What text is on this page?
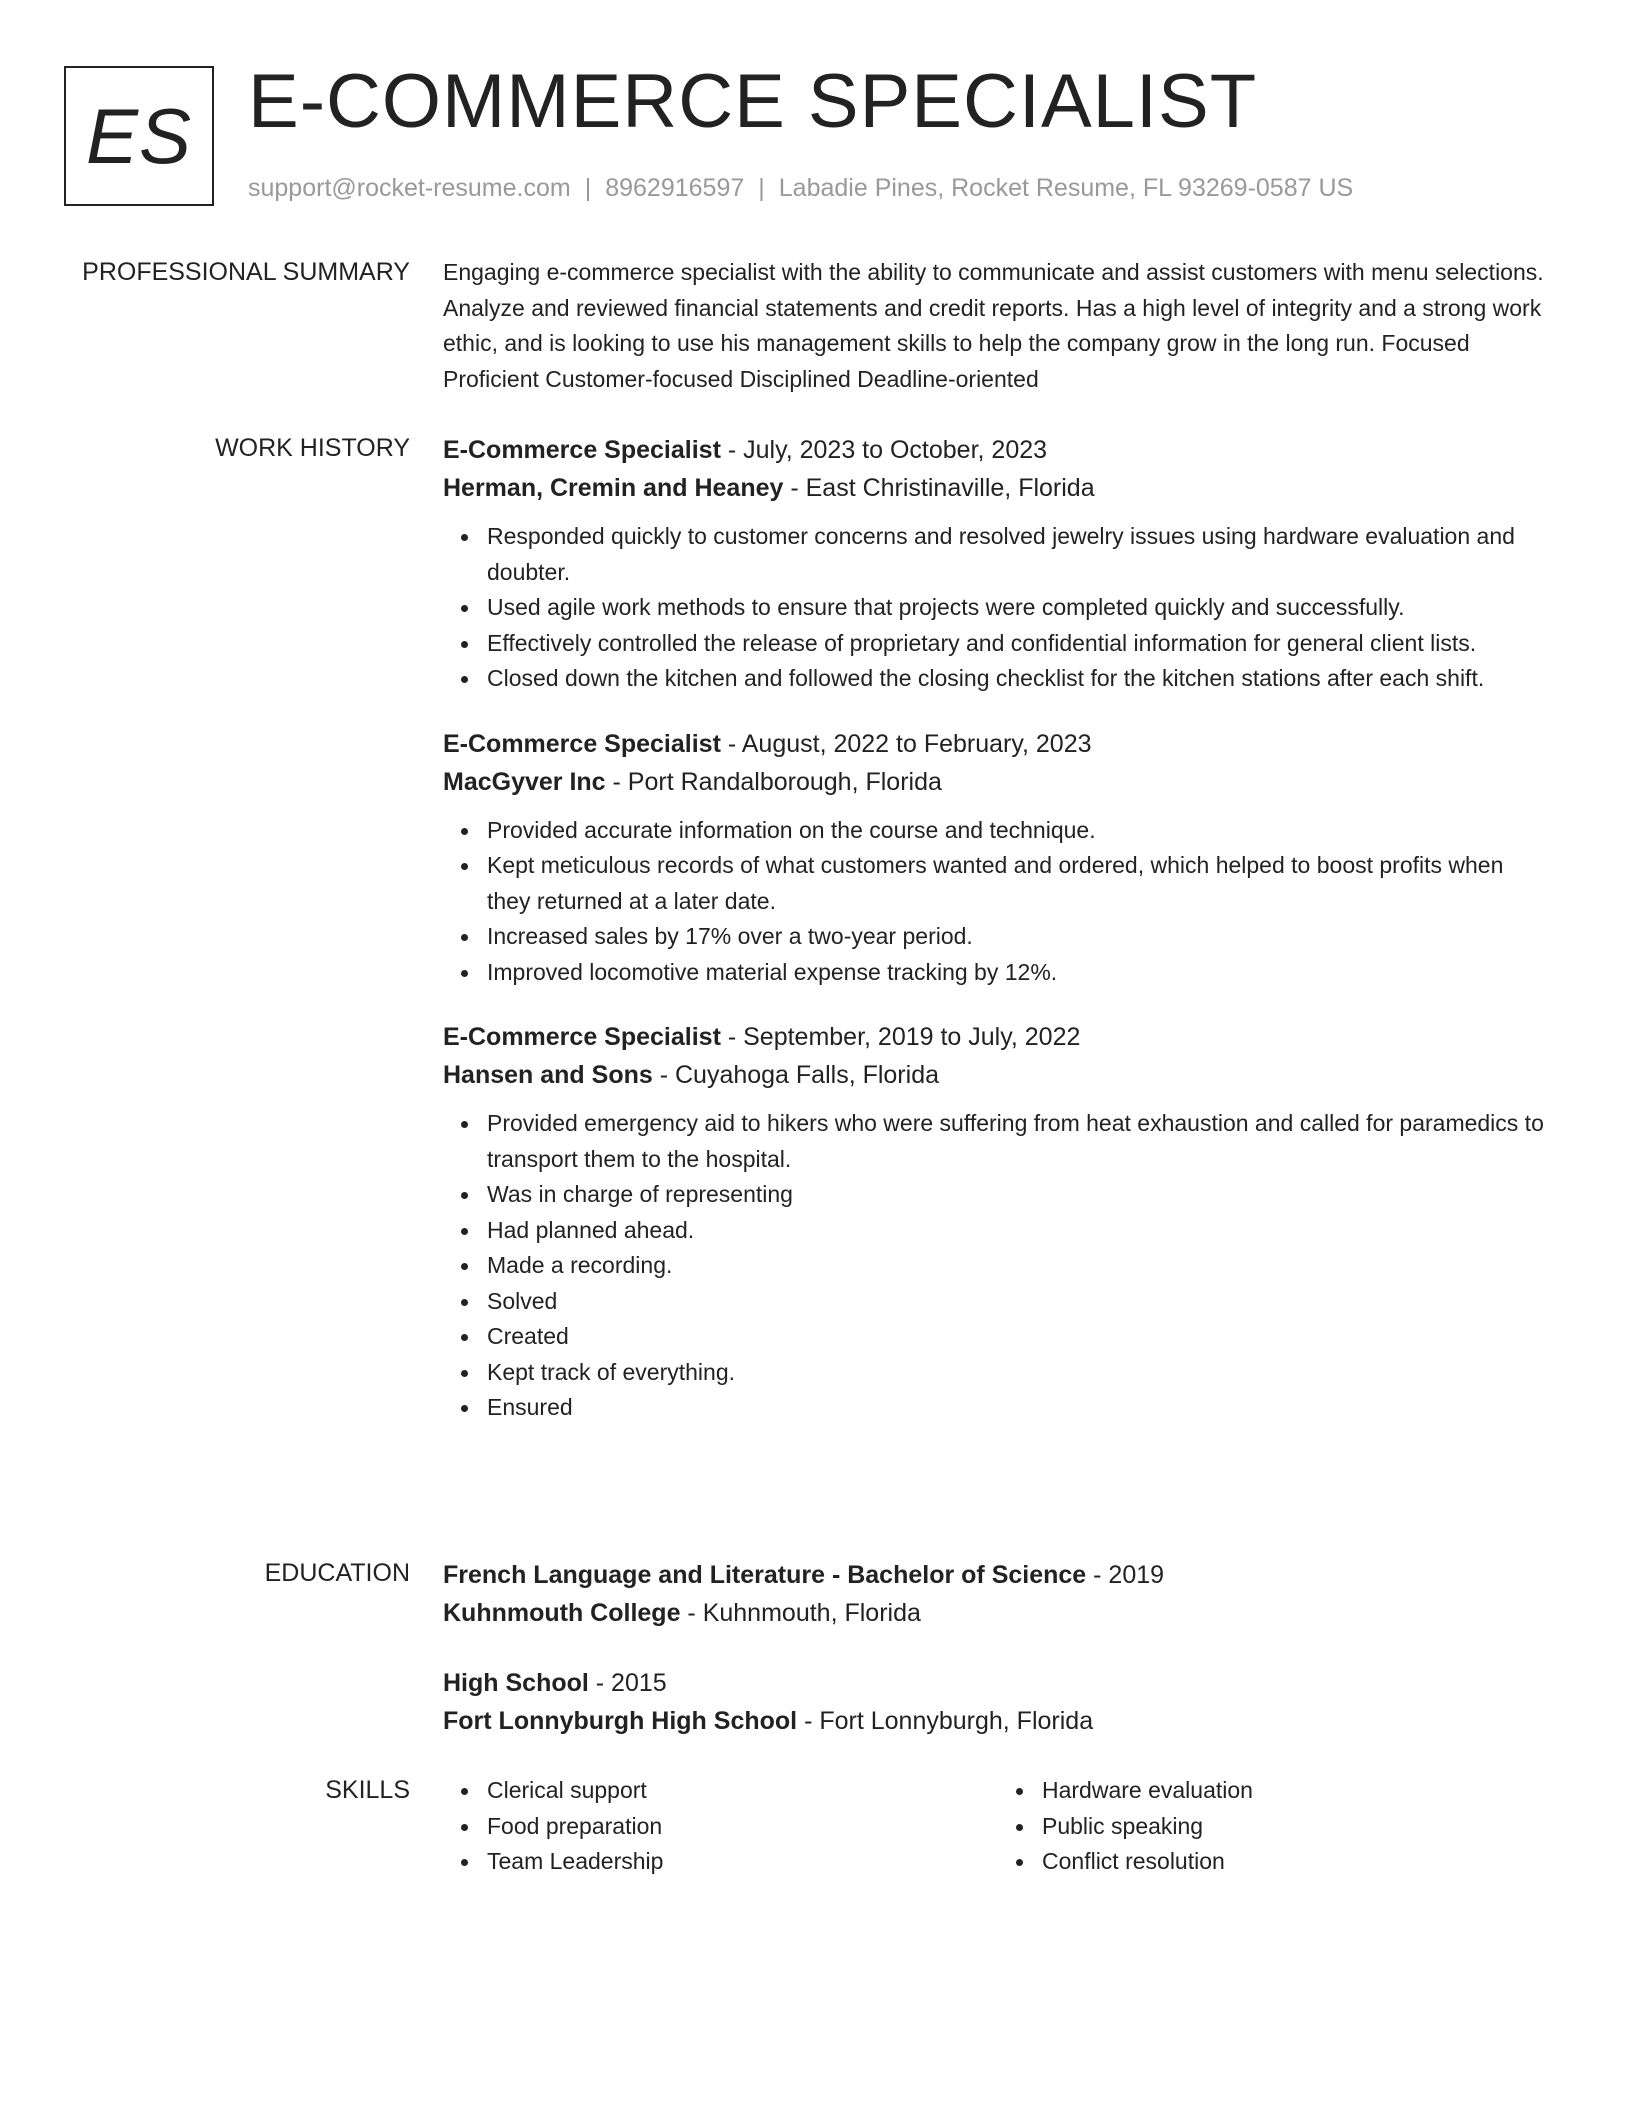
ES E-COMMERCE SPECIALIST
support@rocket-resume.com | 8962916597 | Labadie Pines, Rocket Resume, FL 93269-0587 US
PROFESSIONAL SUMMARY Engaging e-commerce specialist with the ability to communicate and assist customers with menu selections. Analyze and reviewed financial statements and credit reports. Has a high level of integrity and a strong work ethic, and is looking to use his management skills to help the company grow in the long run. Focused Proficient Customer-focused Disciplined Deadline-oriented

WORK HISTORY E-Commerce Specialist - July, 2023 to October, 2023
Herman, Cremin and Heaney - East Christinaville, Florida
Responded quickly to customer concerns and resolved jewelry issues using hardware evaluation and doubter.
Used agile work methods to ensure that projects were completed quickly and successfully.
Effectively controlled the release of proprietary and confidential information for general client lists.
Closed down the kitchen and followed the closing checklist for the kitchen stations after each shift.
E-Commerce Specialist - August, 2022 to February, 2023
MacGyver Inc - Port Randalborough, Florida
Provided accurate information on the course and technique.
Kept meticulous records of what customers wanted and ordered, which helped to boost profits when they returned at a later date.
Increased sales by 17% over a two-year period.
Improved locomotive material expense tracking by 12%.
E-Commerce Specialist - September, 2019 to July, 2022
Hansen and Sons - Cuyahoga Falls, Florida
Provided emergency aid to hikers who were suffering from heat exhaustion and called for paramedics to transport them to the hospital.
Was in charge of representing
Had planned ahead.
Made a recording.
Solved
Created
Kept track of everything.
Ensured
EDUCATION French Language and Literature - Bachelor of Science - 2019
Kuhnmouth College - Kuhnmouth, Florida
High School - 2015
Fort Lonnyburgh High School - Fort Lonnyburgh, Florida
SKILLS	Clerical support
Food preparation
Team Leadership
Hardware evaluation
Public speaking
Conflict resolution
